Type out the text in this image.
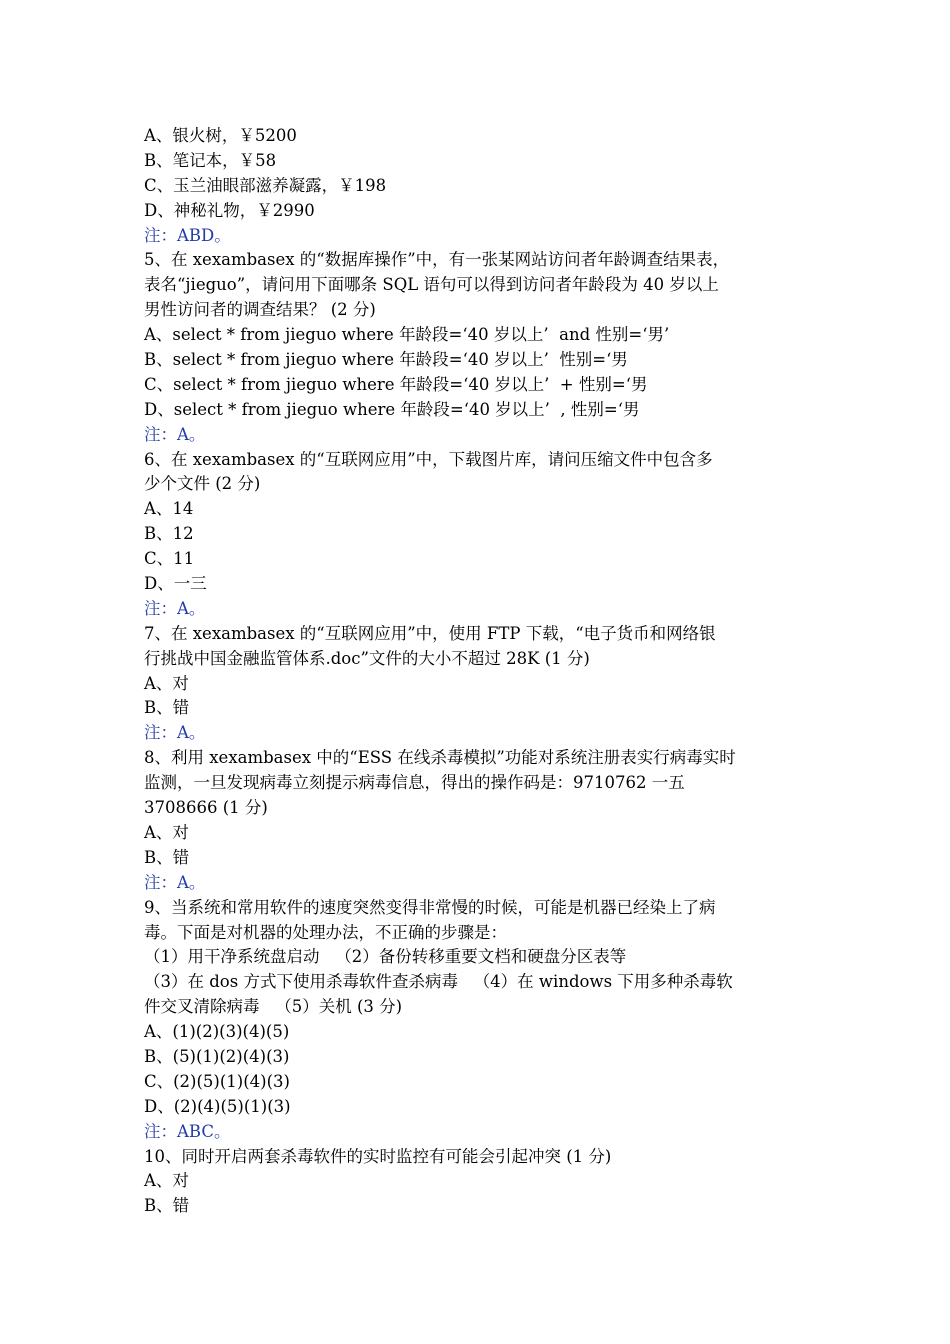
A、银火树，￥5200
B、笔记本，￥58
C、玉兰油眼部滋养凝露，￥198
D、神秘礼物，￥2990
注：ABD。
5、在 xexambasex 的“数据库操作”中，有一张某网站访问者年龄调查结果表，
表名“jieguo”，请问用下面哪条 SQL 语句可以得到访问者年龄段为 40 岁以上
男性访问者的调查结果？ (2 分)
A、select * from jieguo where 年龄段=‘40 岁以上’  and 性别=‘男’
B、select * from jieguo where 年龄段=‘40 岁以上’  性别=‘男
C、select * from jieguo where 年龄段=‘40 岁以上’  + 性别=‘男
D、select * from jieguo where 年龄段=‘40 岁以上’  , 性别=‘男
注：A。
6、在 xexambasex 的“互联网应用”中，下载图片库，请问压缩文件中包含多
少个文件 (2 分)
A、14
B、12
C、11
D、一三
注：A。
7、在 xexambasex 的“互联网应用”中，使用 FTP 下载，“电子货币和网络银
行挑战中国金融监管体系.doc”文件的大小不超过 28K (1 分)
A、对
B、错
注：A。
8、利用 xexambasex 中的“ESS 在线杀毒模拟”功能对系统注册表实行病毒实时
监测，一旦发现病毒立刻提示病毒信息，得出的操作码是：9710762 一五
3708666 (1 分)
A、对
B、错
注：A。
9、当系统和常用软件的速度突然变得非常慢的时候，可能是机器已经染上了病
毒。下面是对机器的处理办法，不正确的步骤是：
（1）用干净系统盘启动   （2）备份转移重要文档和硬盘分区表等
（3）在 dos 方式下使用杀毒软件查杀病毒   （4）在 windows 下用多种杀毒软
件交叉清除病毒   （5）关机 (3 分)
A、(1)(2)(3)(4)(5)
B、(5)(1)(2)(4)(3)
C、(2)(5)(1)(4)(3)
D、(2)(4)(5)(1)(3)
注：ABC。
10、同时开启两套杀毒软件的实时监控有可能会引起冲突 (1 分)
A、对
B、错
